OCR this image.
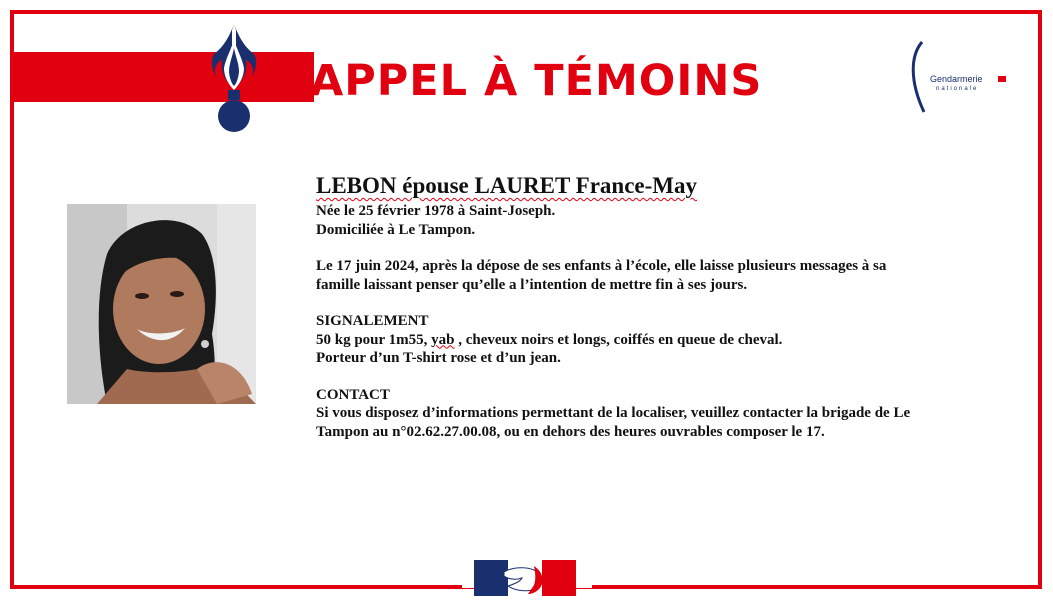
APPEL À TÉMOINS	Gendarmerie
nationale
LEBON épouse LAURET France-May
Née le 25 février 1978 à Saint-Joseph.
Domiciliée à Le Tampon.
Le 17 juin 2024, après la dépose de ses enfants à l’école, elle laisse plusieurs messages à sa
famille laissant penser qu’elle a l’intention de mettre fin à ses jours.
SIGNALEMENT
50 kg pour 1m55, yab , cheveux noirs et longs, coiffés en queue de cheval.
Porteur d’un T-shirt rose et d’un jean.
CONTACT
Si vous disposez d’informations permettant de la localiser, veuillez contacter la brigade de Le
Tampon au n°02.62.27.00.08, ou en dehors des heures ouvrables composer le 17.
